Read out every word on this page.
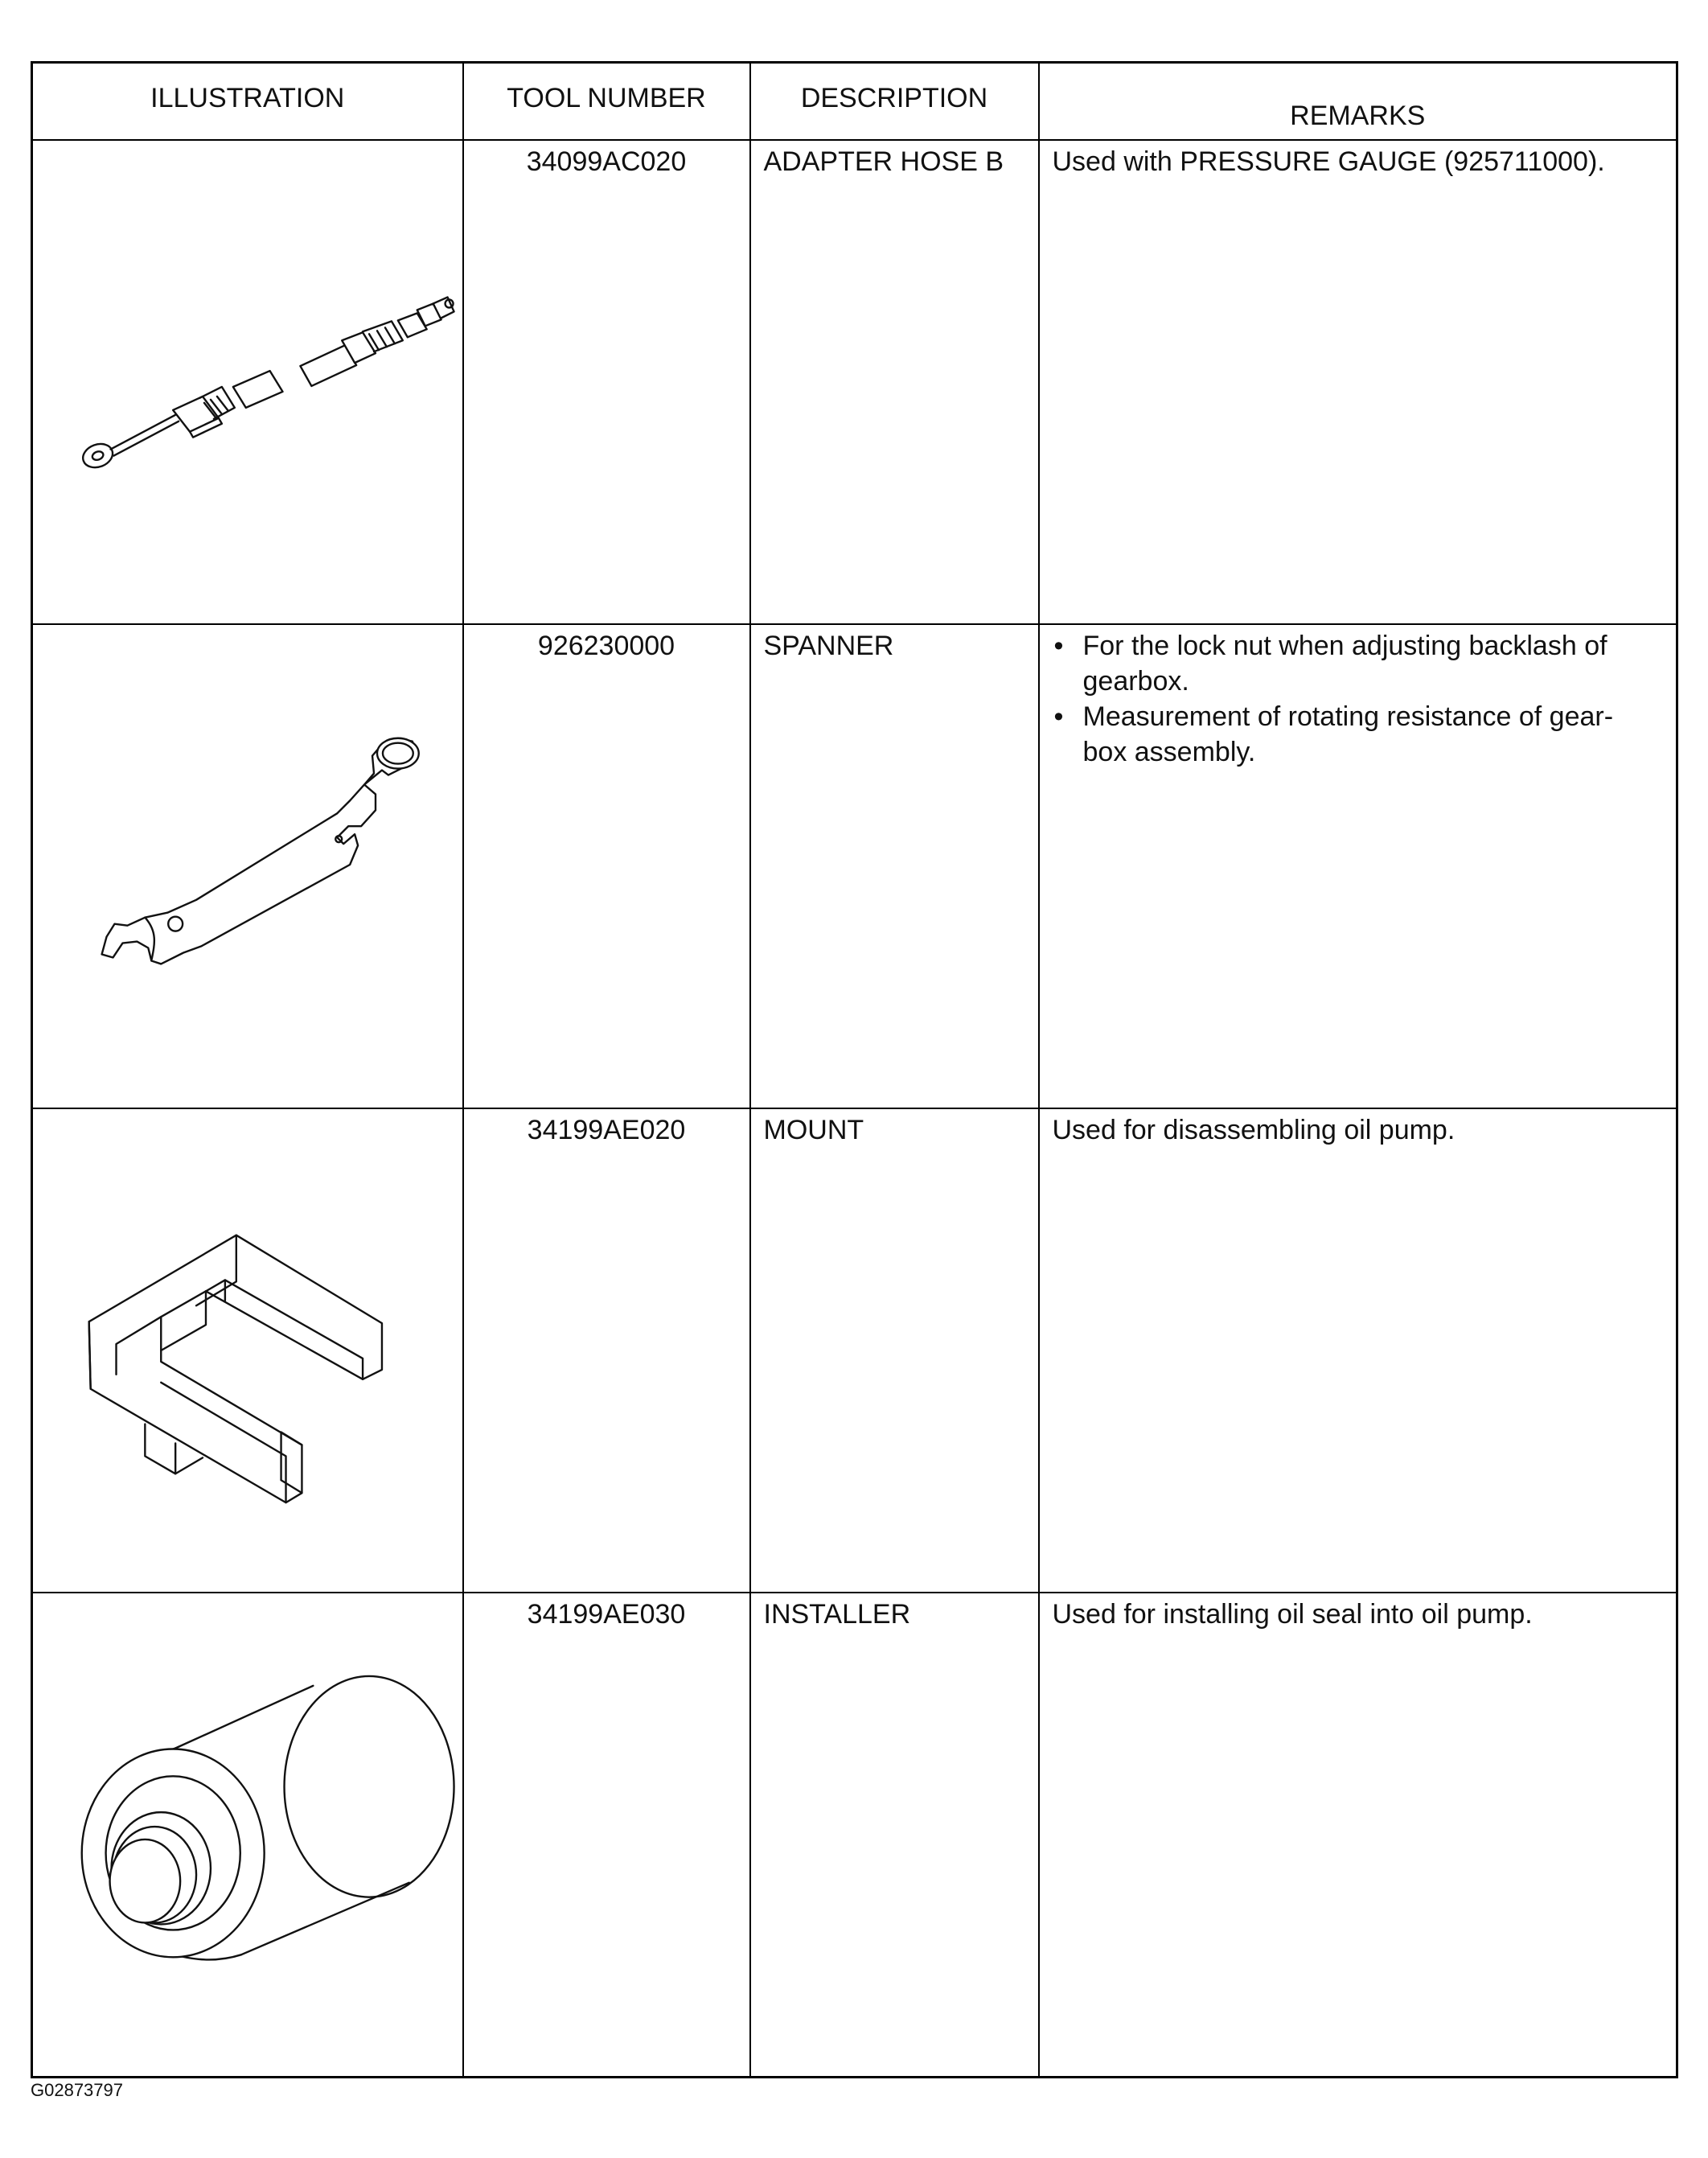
ILLUSTRATION	TOOL NUMBER	DESCRIPTION	REMARKS

	34099AC020	ADAPTER HOSE B	Used with PRESSURE GAUGE (925711000).

	926230000	SPANNER	• For the lock nut when adjusting backlash of gearbox.
• Measurement of rotating resistance of gear-box assembly.

	34199AE020	MOUNT	Used for disassembling oil pump.

	34199AE030	INSTALLER	Used for installing oil seal into oil pump.
G02873797
